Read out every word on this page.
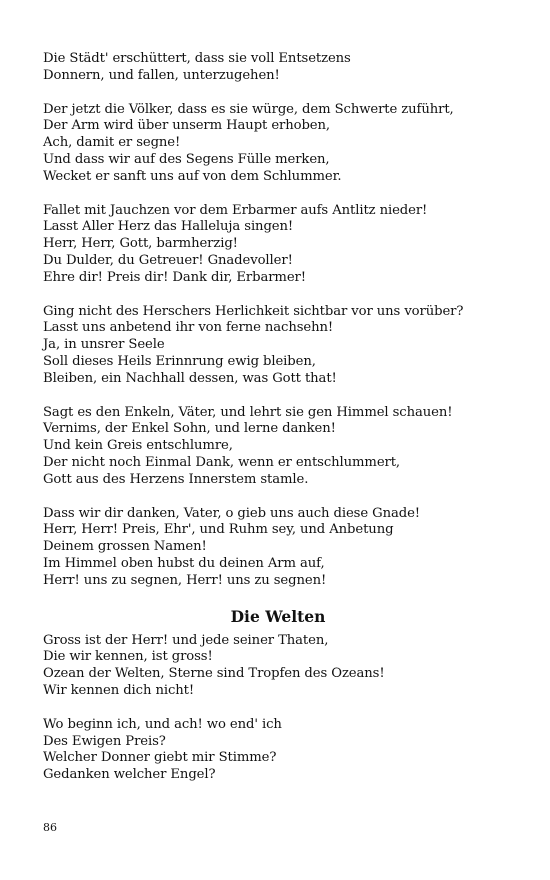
Die Städt' erschüttert, dass sie voll Entsetzens
Donnern, und fallen, unterzugehen!
Der jetzt die Völker, dass es sie würge, dem Schwerte zuführt,
Der Arm wird über unserm Haupt erhoben,
Ach, damit er segne!
Und dass wir auf des Segens Fülle merken,
Wecket er sanft uns auf von dem Schlummer.
Fallet mit Jauchzen vor dem Erbarmer aufs Antlitz nieder!
Lasst Aller Herz das Halleluja singen!
Herr, Herr, Gott, barmherzig!
Du Dulder, du Getreuer! Gnadevoller!
Ehre dir! Preis dir! Dank dir, Erbarmer!
Ging nicht des Herschers Herlichkeit sichtbar vor uns vorüber?
Lasst uns anbetend ihr von ferne nachsehn!
Ja, in unsrer Seele
Soll dieses Heils Erinnrung ewig bleiben,
Bleiben, ein Nachhall dessen, was Gott that!
Sagt es den Enkeln, Väter, und lehrt sie gen Himmel schauen!
Vernims, der Enkel Sohn, und lerne danken!
Und kein Greis entschlumre,
Der nicht noch Einmal Dank, wenn er entschlummert,
Gott aus des Herzens Innerstem stamle.
Dass wir dir danken, Vater, o gieb uns auch diese Gnade!
Herr, Herr! Preis, Ehr', und Ruhm sey, und Anbetung
Deinem grossen Namen!
Im Himmel oben hubst du deinen Arm auf,
Herr! uns zu segnen, Herr! uns zu segnen!
Die Welten
Gross ist der Herr! und jede seiner Thaten,
Die wir kennen, ist gross!
Ozean der Welten, Sterne sind Tropfen des Ozeans!
Wir kennen dich nicht!
Wo beginn ich, und ach! wo end' ich
Des Ewigen Preis?
Welcher Donner giebt mir Stimme?
Gedanken welcher Engel?
86
